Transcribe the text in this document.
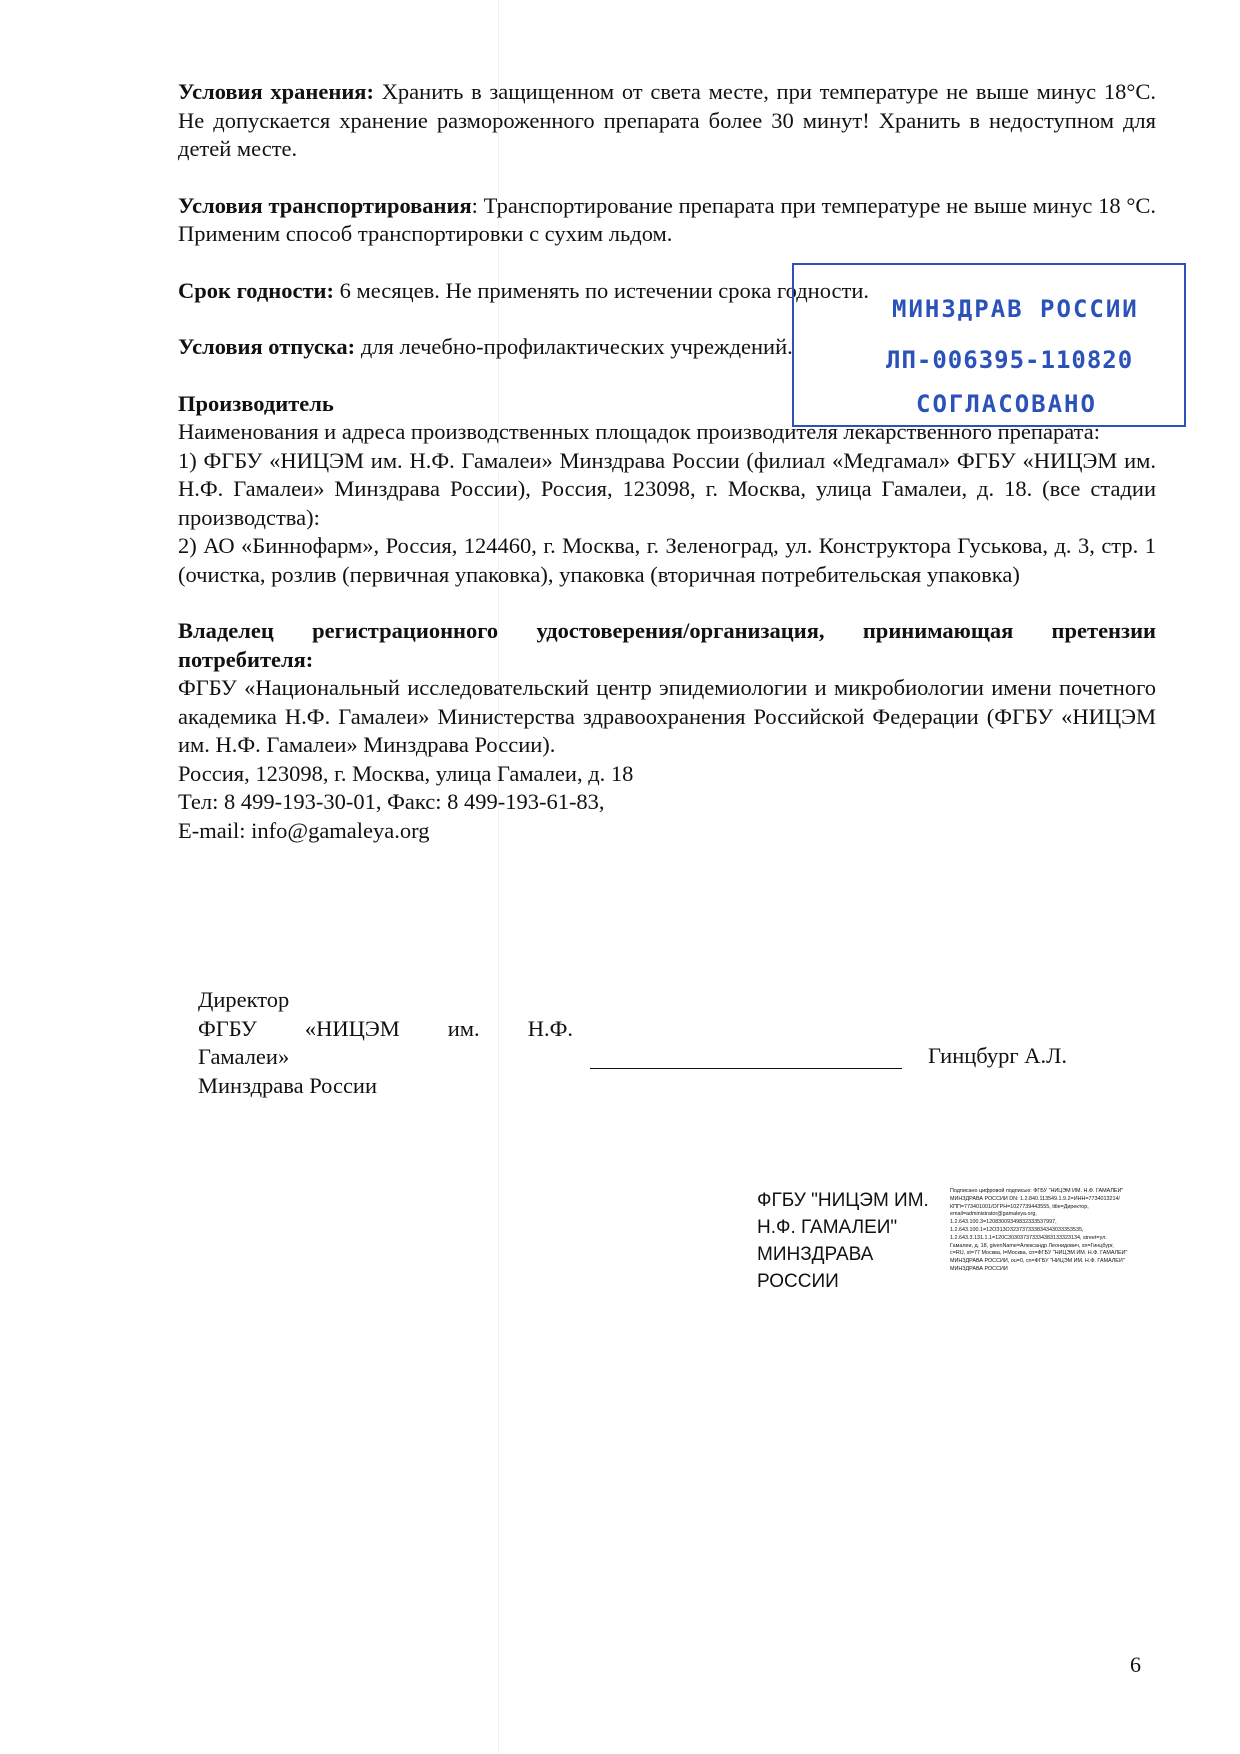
Условия хранения: Хранить в защищенном от света месте, при температуре не выше минус 18°С. Не допускается хранение размороженного препарата более 30 минут! Хранить в недоступном для детей месте.

Условия транспортирования: Транспортирование препарата при температуре не выше минус 18 °С. Применим способ транспортировки с сухим льдом.

Срок годности: 6 месяцев. Не применять по истечении срока годности.

Условия отпуска: для лечебно-профилактических учреждений.

Производитель

Наименования и адреса производственных площадок производителя лекарственного препарата:

1) ФГБУ «НИЦЭМ им. Н.Ф. Гамалеи» Минздрава России (филиал «Медгамал» ФГБУ «НИЦЭМ им. Н.Ф. Гамалеи» Минздрава России), Россия, 123098, г. Москва, улица Гамалеи, д. 18. (все стадии производства):

2) АО «Биннофарм», Россия, 124460, г. Москва, г. Зеленоград, ул. Конструктора Гуськова, д. 3, стр. 1 (очистка, розлив (первичная упаковка), упаковка (вторичная потребительская упаковка)

Владелец регистрационного удостоверения/организация, принимающая претензии потребителя:

ФГБУ «Национальный исследовательский центр эпидемиологии и микробиологии имени почетного академика Н.Ф. Гамалеи» Министерства здравоохранения Российской Федерации (ФГБУ «НИЦЭМ им. Н.Ф. Гамалеи» Минздрава России).

Россия, 123098, г. Москва, улица Гамалеи, д. 18

Тел: 8 499-193-30-01, Факс: 8 499-193-61-83,

E-mail: info@gamaleya.org

Директор
ФГБУ «НИЦЭМ им. Н.Ф.
Гамалеи»
Минздрава России
Гинцбург А.Л.
МИНЗДРАВ РОССИИ
ЛП-006395-110820
СОГЛАСОВАНО
ФГБУ "НИЦЭМ ИМ.
Н.Ф. ГАМАЛЕИ"
МИНЗДРАВА
РОССИИ
Подписано цифровой подписью: ФГБУ "НИЦЭМ ИМ. Н.Ф. ГАМАЛЕИ" МИНЗДРАВА РОССИИ DN: 1.2.840.113549.1.9.2=ИНН=7734013214/КПП=773401001/ОГРН=1027739443555, title=Директор, email=administrator@gamaleya.org, 1.2.643.100.3=12083009349832333537997, 1.2.643.100.1=12ОЗ13ОЗ23737333834343033353535, 1.2.643.3.131.1.1=120С303037373334383133323134, street=ул. Гамалеи, д. 18, givenName=Александр Леонидович, sn=Гинцбург, c=RU, st=77 Москва, l=Москва, cn=ФГБУ "НИЦЭМ ИМ. Н.Ф. ГАМАЛЕИ" МИНЗДРАВА РОССИИ, ou=0, cn=ФГБУ "НИЦЭМ ИМ. Н.Ф. ГАМАЛЕИ" МИНЗДРАВА РОССИИ
6
